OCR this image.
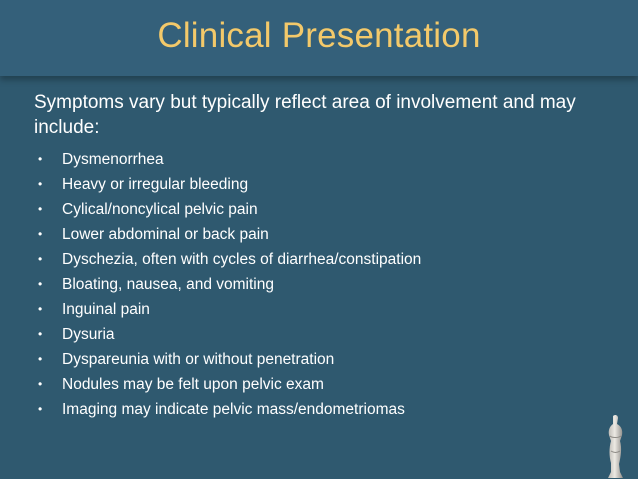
Clinical Presentation
Symptoms vary but typically reflect area of involvement and may include:
• Dysmenorrhea
• Heavy or irregular bleeding
• Cylical/noncylical pelvic pain
• Lower abdominal or back pain
• Dyschezia, often with cycles of diarrhea/constipation
• Bloating, nausea, and vomiting
• Inguinal pain
• Dysuria
• Dyspareunia with or without penetration
• Nodules may be felt upon pelvic exam
• Imaging may indicate pelvic mass/endometriomas
